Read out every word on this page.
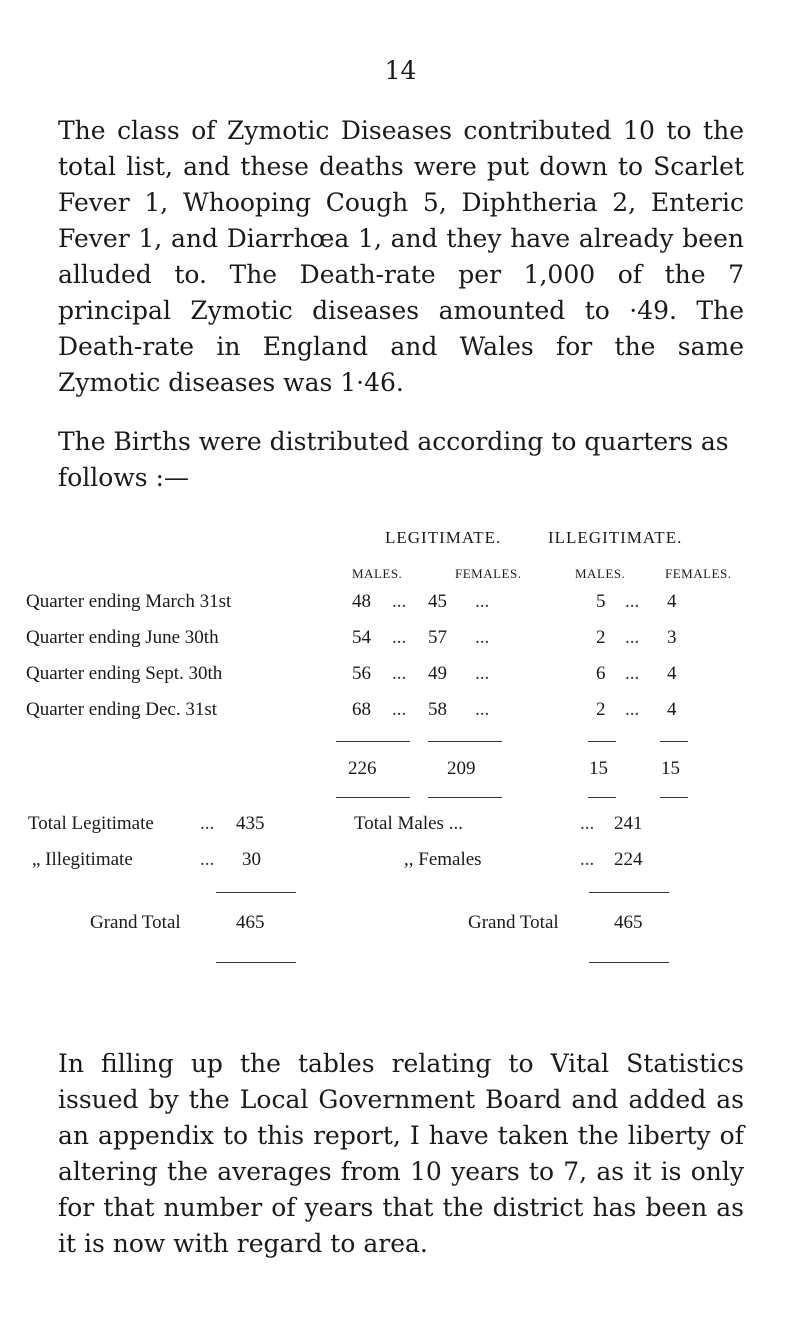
14

The class of Zymotic Diseases contributed 10 to the total list, and these deaths were put down to Scarlet Fever 1, Whooping Cough 5, Diphtheria 2, Enteric Fever 1, and Diarrhœa 1, and they have already been alluded to. The Death-rate per 1,000 of the 7 principal Zymotic diseases amounted to ·49. The Death-rate in England and Wales for the same Zymotic diseases was 1·46.

The Births were distributed according to quarters as follows :—

LEGITIMATE.	ILLEGITIMATE.
MALES.	FEMALES.	MALES.	FEMALES.
Quarter ending March 31st	48 ... 45 ...	5 ... 4
Quarter ending June 30th	54 ... 57 ...	2 ... 3
Quarter ending Sept. 30th	56 ... 49 ...	6 ... 4
Quarter ending Dec. 31st	68 ... 58 ...	2 ... 4
226	209	15	15
Total Legitimate ... 435	Total Males ...	... 241
„ Illegitimate	... 30	,, Females	... 224
Grand Total	465	Grand Total	465

In filling up the tables relating to Vital Statistics issued by the Local Government Board and added as an appendix to this report, I have taken the liberty of altering the averages from 10 years to 7, as it is only for that number of years that the district has been as it is now with regard to area.
